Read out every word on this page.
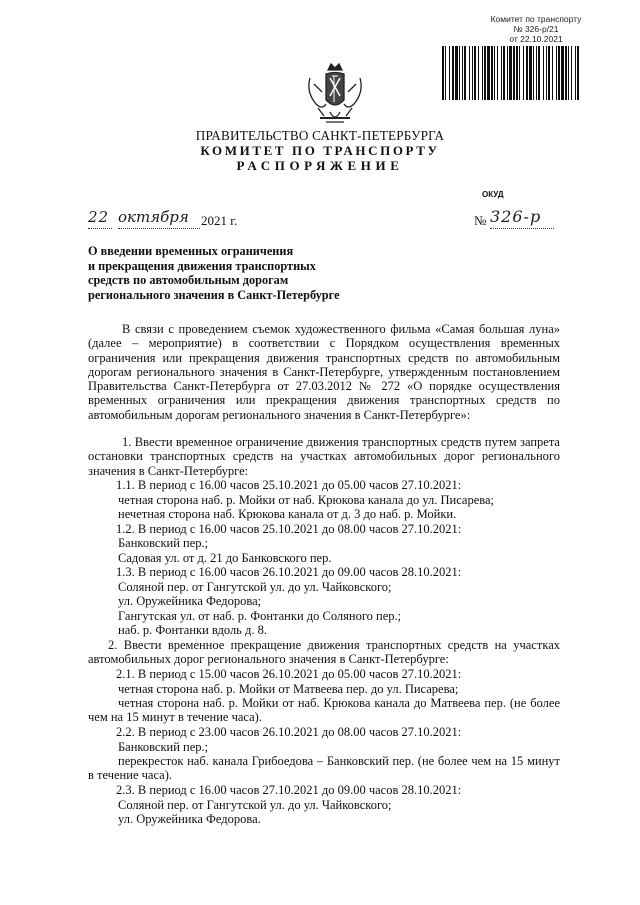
Комитет по транспорту
№ 326-р/21
от 22.10.2021
ПРАВИТЕЛЬСТВО САНКТ-ПЕТЕРБУРГА
КОМИТЕТ ПО ТРАНСПОРТУ
РАСПОРЯЖЕНИЕ
ОКУД
22 октября 2021 г.	№ 326-р
О введении временных ограничения
и прекращения движения транспортных
средств по автомобильным дорогам
регионального значения в Санкт-Петербурге
В связи с проведением съемок художественного фильма «Самая большая луна» (далее – мероприятие) в соответствии с Порядком осуществления временных ограничения или прекращения движения транспортных средств по автомобильным дорогам регионального значения в Санкт-Петербурге, утвержденным постановлением Правительства Санкт-Петербурга от 27.03.2012 № 272 «О порядке осуществления временных ограничения или прекращения движения транспортных средств по автомобильным дорогам регионального значения в Санкт-Петербурге»:
1. Ввести временное ограничение движения транспортных средств путем запрета остановки транспортных средств на участках автомобильных дорог регионального значения в Санкт-Петербурге:
1.1. В период с 16.00 часов 25.10.2021 до 05.00 часов 27.10.2021:
четная сторона наб. р. Мойки от наб. Крюкова канала до ул. Писарева;
нечетная сторона наб. Крюкова канала от д. 3 до наб. р. Мойки.
1.2. В период с 16.00 часов 25.10.2021 до 08.00 часов 27.10.2021:
Банковский пер.;
Садовая ул. от д. 21 до Банковского пер.
1.3. В период с 16.00 часов 26.10.2021 до 09.00 часов 28.10.2021:
Соляной пер. от Гангутской ул. до ул. Чайковского;
ул. Оружейника Федорова;
Гангутская ул. от наб. р. Фонтанки до Соляного пер.;
наб. р. Фонтанки вдоль д. 8.
2. Ввести временное прекращение движения транспортных средств на участках автомобильных дорог регионального значения в Санкт-Петербурге:
2.1. В период с 15.00 часов 26.10.2021 до 05.00 часов 27.10.2021:
четная сторона наб. р. Мойки от Матвеева пер. до ул. Писарева;
четная сторона наб. р. Мойки от наб. Крюкова канала до Матвеева пер. (не более чем на 15 минут в течение часа).
2.2. В период с 23.00 часов 26.10.2021 до 08.00 часов 27.10.2021:
Банковский пер.;
перекресток наб. канала Грибоедова – Банковский пер. (не более чем на 15 минут в течение часа).
2.3. В период с 16.00 часов 27.10.2021 до 09.00 часов 28.10.2021:
Соляной пер. от Гангутской ул. до ул. Чайковского;
ул. Оружейника Федорова.
